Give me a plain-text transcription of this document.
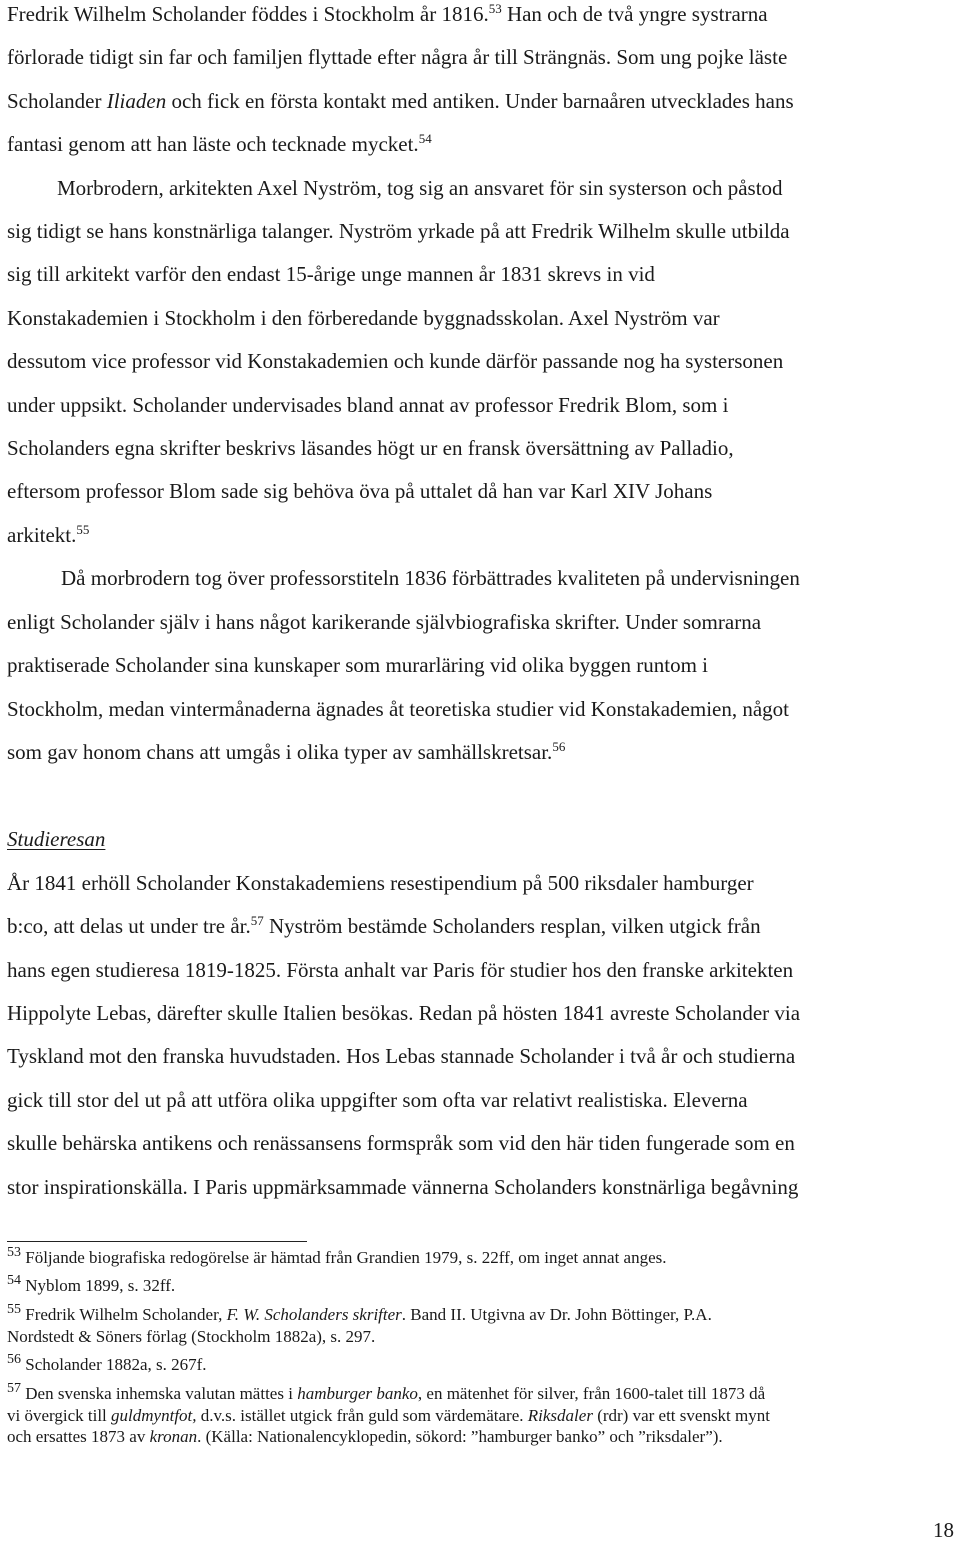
Fredrik Wilhelm Scholander föddes i Stockholm år 1816.53 Han och de två yngre systrarna
förlorade tidigt sin far och familjen flyttade efter några år till Strängnäs. Som ung pojke läste
Scholander Iliaden och fick en första kontakt med antiken. Under barnaåren utvecklades hans
fantasi genom att han läste och tecknade mycket.$^{54}$
Morbrodern, arkitekten Axel Nyström, tog sig an ansvaret för sin systerson och påstod
sig tidigt se hans konstnärliga talanger. Nyström yrkade på att Fredrik Wilhelm skulle utbilda
sig till arkitekt varför den endast 15-årige unge mannen år 1831 skrevs in vid
Konstakademien i Stockholm i den förberedande byggnadsskolan. Axel Nyström var
dessutom vice professor vid Konstakademien och kunde därför passande nog ha systersonen
under uppsikt. Scholander undervisades bland annat av professor Fredrik Blom, som i
Scholanders egna skrifter beskrivs läsandes högt ur en fransk översättning av Palladio,
eftersom professor Blom sade sig behöva öva på uttalet då han var Karl XIV Johans
arkitekt.$^{55}$
Då morbrodern tog över professorstiteln 1836 förbättrades kvaliteten på undervisningen
enligt Scholander själv i hans något karikerande självbiografiska skrifter. Under somrarna
praktiserade Scholander sina kunskaper som murarläring vid olika byggen runtom i
Stockholm, medan vintermånaderna ägnades åt teoretiska studier vid Konstakademien, något
som gav honom chans att umgås i olika typer av samhällskretsar.$^{56}$
Studieresan
År 1841 erhöll Scholander Konstakademiens resestipendium på 500 riksdaler hamburger
b:co, att delas ut under tre år.$^{57}$ Nyström bestämde Scholanders resplan, vilken utgick från
hans egen studieresa 1819-1825. Första anhalt var Paris för studier hos den franske arkitekten
Hippolyte Lebas, därefter skulle Italien besökas. Redan på hösten 1841 avreste Scholander via
Tyskland mot den franska huvudstaden. Hos Lebas stannade Scholander i två år och studierna
gick till stor del ut på att utföra olika uppgifter som ofta var relativt realistiska. Eleverna
skulle behärska antikens och renässansens formspråk som vid den här tiden fungerade som en
stor inspirationskälla. I Paris uppmärksammade vännerna Scholanders konstnärliga begåvning

$^{53}$ Följande biografiska redogörelse är hämtad från Grandien 1979, s. 22ff, om inget annat anges.

$^{54}$ Nyblom 1899, s. 32ff.

$^{55}$ Fredrik Wilhelm Scholander, F. W. Scholanders skrifter. Band II. Utgivna av Dr. John Böttinger, P.A.
Nordstedt & Söners förlag (Stockholm 1882a), s. 297.

$^{56}$ Scholander 1882a, s. 267f.

$^{57}$ Den svenska inhemska valutan mättes i hamburger banko, en mätenhet för silver, från 1600-talet till 1873 då
vi övergick till guldmyntfot, d.v.s. istället utgick från guld som värdemätare. Riksdaler (rdr) var ett svenskt mynt
och ersattes 1873 av kronan. (Källa: Nationalencyklopedin, sökord: ”hamburger banko” och ”riksdaler”).

18
